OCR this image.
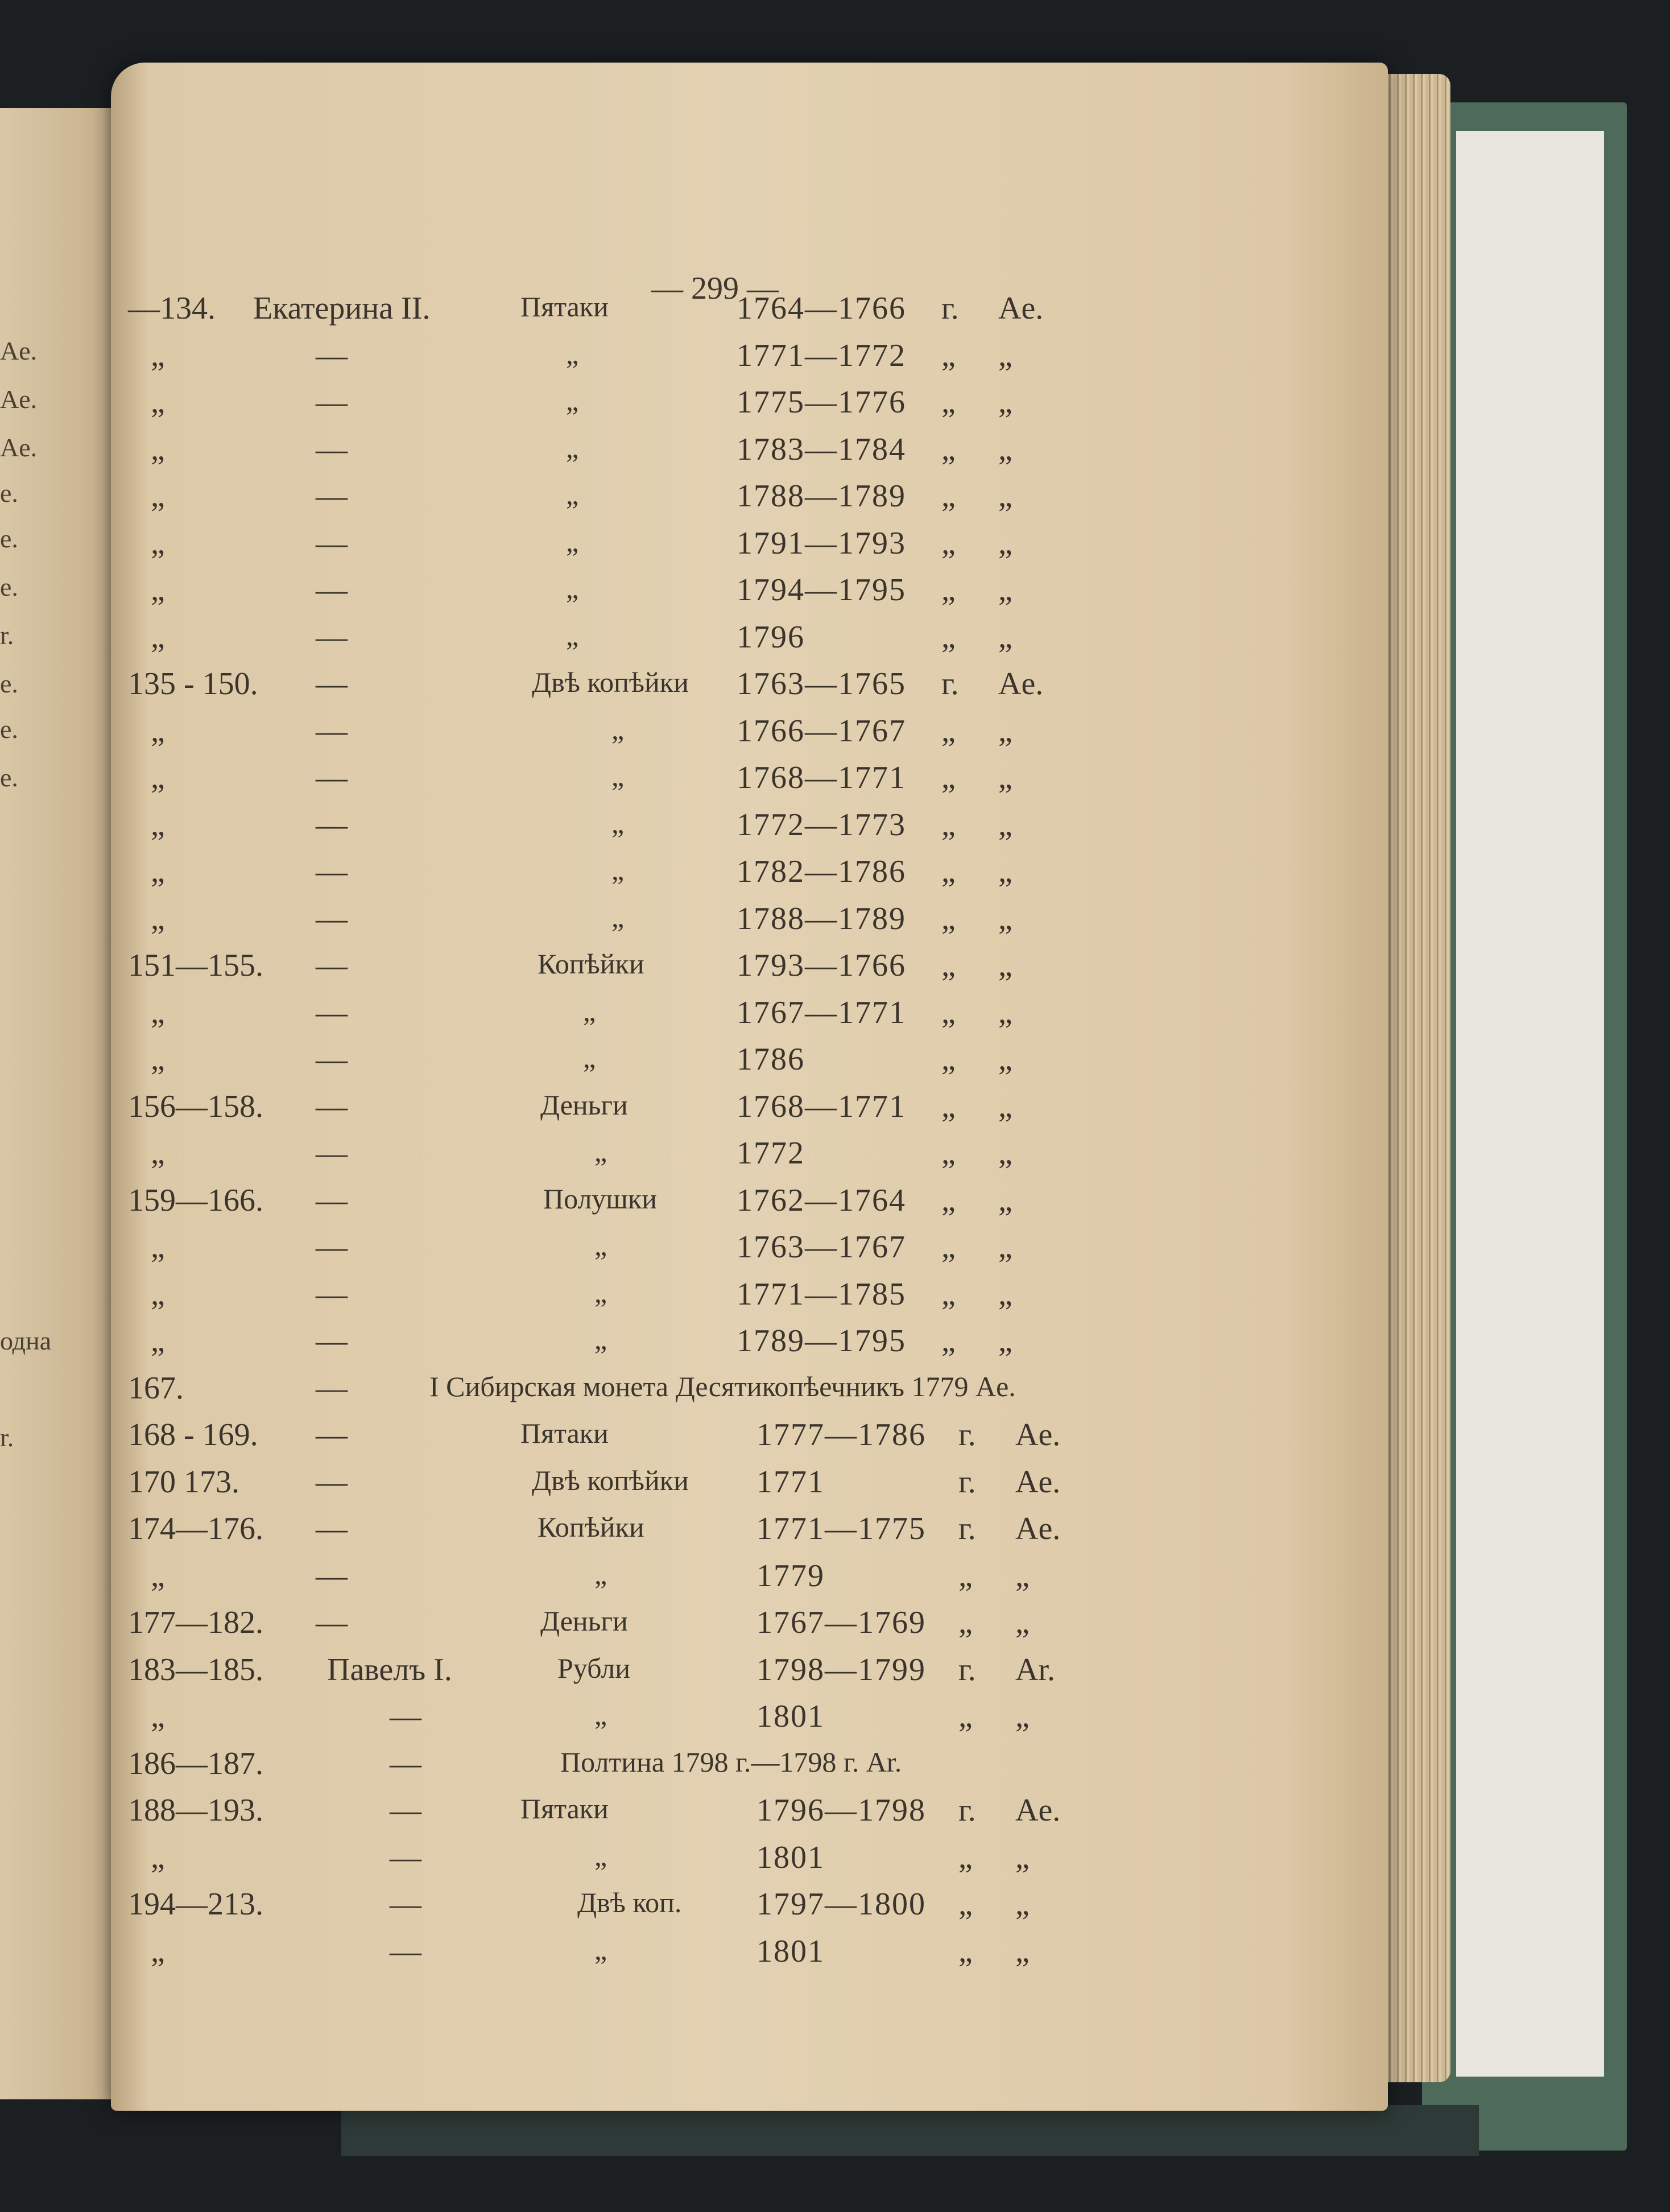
Ae.
Ae.
Ae.
e.
e.
e.
r.
e.
e.
e.
одна
r.
— 299 —
—134. Екатерина II.	Пятаки	1764—1766 г. Ae.
„	—	„	1771—1772 „ „
„	—	„	1775—1776 „ „
„	—	„	1783—1784 „ „
„	—	„	1788—1789 „ „
„	—	„	1791—1793 „ „
„	—	„	1794—1795 „ „
„	—	„	1796	„ „
135 - 150. —	Двѣ копѣйки 1763—1765 г. Ae.
„	—	„	1766—1767 „ „
„	—	„	1768—1771 „ „
„	—	„	1772—1773 „ „
„	—	„	1782—1786 „ „
„	—	„	1788—1789 „ „
151—155. —	Копѣйки	1793—1766 „ „
„	—	„	1767—1771 „ „
„	—	„	1786	„ „
156—158. —	Деньги	1768—1771 „ „
„	—	„	1772	„ „
159—166. —	Полушки	1762—1764 „ „
„	—	„	1763—1767 „ „
„	—	„	1771—1785 „ „
„	—	„	1789—1795 „ „
167.	—	I Сибирская монета Десятикопѣечникъ 1779 Ae.
168 - 169. —	Пятаки	1777—1786 г. Ae.
170 173. —	Двѣ копѣйки 1771	г. Ae.
174—176. —	Копѣйки	1771—1775 г. Ae.
„	—	„	1779	„ „
177—182. —	Деньги	1767—1769 „ „
183—185. Павелъ I.	Рубли	1798—1799 г. Ar.
„	—	„	1801	„ „
186—187.	—	Полтина 1798 г.—1798 г. Ar.
188—193.	—	Пятаки	1796—1798 г. Ae.
„	—	„	1801	„ „
194—213.	—	Двѣ коп. 1797—1800 „ „
„	—	„	1801	„ „
